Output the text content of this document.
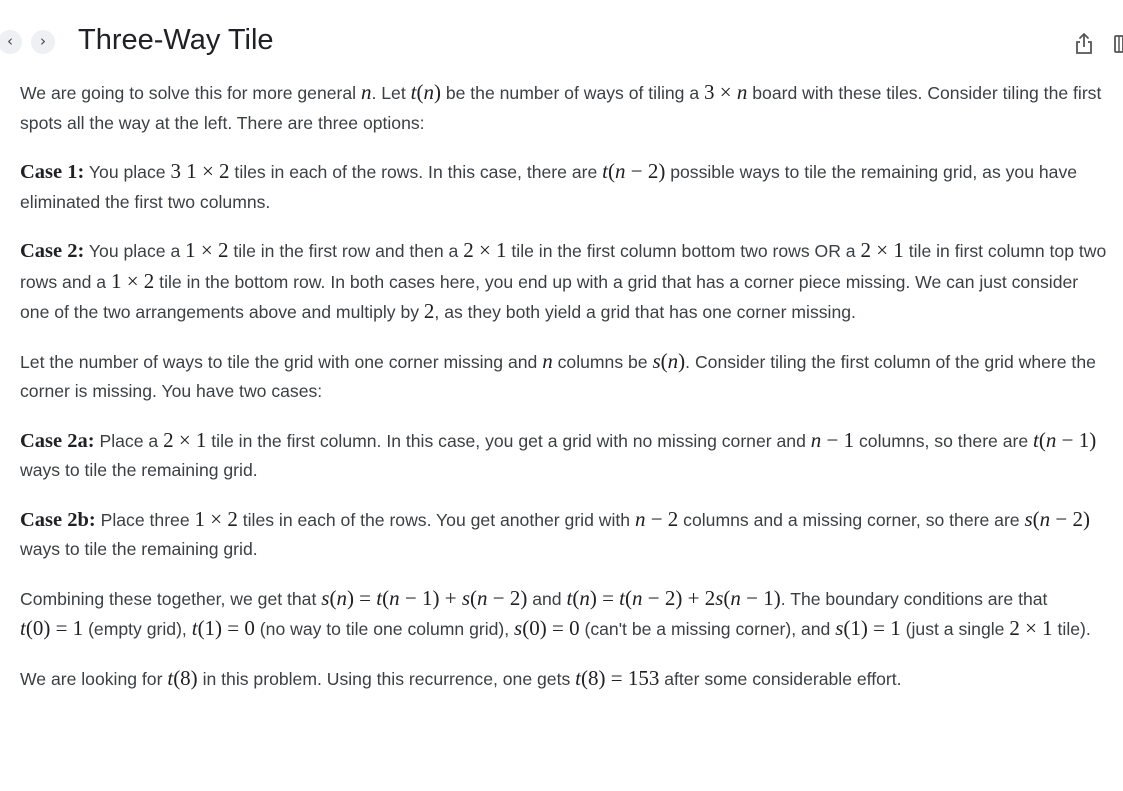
‹	›	Three-Way Tile

We are going to solve this for more general n. Let t(n) be the number of ways of tiling a 3 × n board with these tiles. Consider tiling the first spots all the way at the left. There are three options:

Case 1: You place 3 1 × 2 tiles in each of the rows. In this case, there are t(n − 2) possible ways to tile the remaining grid, as you have eliminated the first two columns.

Case 2: You place a 1 × 2 tile in the first row and then a 2 × 1 tile in the first column bottom two rows OR a 2 × 1 tile in first column top two rows and a 1 × 2 tile in the bottom row. In both cases here, you end up with a grid that has a corner piece missing. We can just consider one of the two arrangements above and multiply by 2, as they both yield a grid that has one corner missing.

Let the number of ways to tile the grid with one corner missing and n columns be s(n). Consider tiling the first column of the grid where the corner is missing. You have two cases:

Case 2a: Place a 2 × 1 tile in the first column. In this case, you get a grid with no missing corner and n − 1 columns, so there are t(n − 1) ways to tile the remaining grid.

Case 2b: Place three 1 × 2 tiles in each of the rows. You get another grid with n − 2 columns and a missing corner, so there are s(n − 2) ways to tile the remaining grid.

Combining these together, we get that s(n) = t(n − 1) + s(n − 2) and t(n) = t(n − 2) + 2s(n − 1). The boundary conditions are that t(0) = 1 (empty grid), t(1) = 0 (no way to tile one column grid), s(0) = 0 (can't be a missing corner), and s(1) = 1 (just a single 2 × 1 tile).

We are looking for t(8) in this problem. Using this recurrence, one gets t(8) = 153 after some considerable effort.
